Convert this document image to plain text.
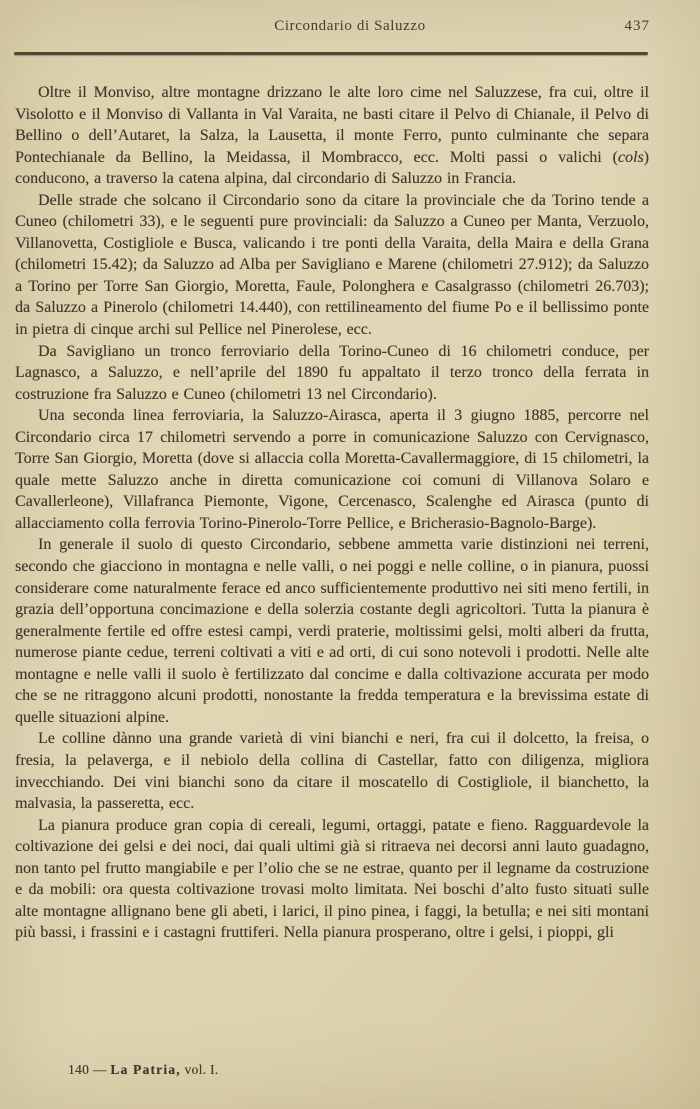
Circondario di Saluzzo	437

Oltre il Monviso, altre montagne drizzano le alte loro cime nel Saluzzese, fra cui, oltre il Visolotto e il Monviso di Vallanta in Val Varaita, ne basti citare il Pelvo di Chianale, il Pelvo di Bellino o dell’Autaret, la Salza, la Lausetta, il monte Ferro, punto culminante che separa Pontechianale da Bellino, la Meidassa, il Mombracco, ecc. Molti passi o valichi (cols) conducono, a traverso la catena alpina, dal circondario di Saluzzo in Francia.

Delle strade che solcano il Circondario sono da citare la provinciale che da Torino tende a Cuneo (chilometri 33), e le seguenti pure provinciali: da Saluzzo a Cuneo per Manta, Verzuolo, Villanovetta, Costigliole e Busca, valicando i tre ponti della Varaita, della Maira e della Grana (chilometri 15.42); da Saluzzo ad Alba per Savigliano e Marene (chilometri 27.912); da Saluzzo a Torino per Torre San Giorgio, Moretta, Faule, Polonghera e Casalgrasso (chilometri 26.703); da Saluzzo a Pinerolo (chilometri 14.440), con rettilineamento del fiume Po e il bellissimo ponte in pietra di cinque archi sul Pellice nel Pinerolese, ecc.

Da Savigliano un tronco ferroviario della Torino-Cuneo di 16 chilometri conduce, per Lagnasco, a Saluzzo, e nell’aprile del 1890 fu appaltato il terzo tronco della ferrata in costruzione fra Saluzzo e Cuneo (chilometri 13 nel Circondario).

Una seconda linea ferroviaria, la Saluzzo-Airasca, aperta il 3 giugno 1885, percorre nel Circondario circa 17 chilometri servendo a porre in comunicazione Saluzzo con Cervignasco, Torre San Giorgio, Moretta (dove si allaccia colla Moretta-Cavallermaggiore, di 15 chilometri, la quale mette Saluzzo anche in diretta comunicazione coi comuni di Villanova Solaro e Cavallerleone), Villafranca Piemonte, Vigone, Cercenasco, Scalenghe ed Airasca (punto di allacciamento colla ferrovia Torino-Pinerolo-Torre Pellice, e Bricherasio-Bagnolo-Barge).

In generale il suolo di questo Circondario, sebbene ammetta varie distinzioni nei terreni, secondo che giacciono in montagna e nelle valli, o nei poggi e nelle colline, o in pianura, puossi considerare come naturalmente ferace ed anco sufficientemente produttivo nei siti meno fertili, in grazia dell’opportuna concimazione e della solerzia costante degli agricoltori. Tutta la pianura è generalmente fertile ed offre estesi campi, verdi praterie, moltissimi gelsi, molti alberi da frutta, numerose piante cedue, terreni coltivati a viti e ad orti, di cui sono notevoli i prodotti. Nelle alte montagne e nelle valli il suolo è fertilizzato dal concime e dalla coltivazione accurata per modo che se ne ritraggono alcuni prodotti, nonostante la fredda temperatura e la brevissima estate di quelle situazioni alpine.

Le colline dànno una grande varietà di vini bianchi e neri, fra cui il dolcetto, la freisa, o fresia, la pelaverga, e il nebiolo della collina di Castellar, fatto con diligenza, migliora invecchiando. Dei vini bianchi sono da citare il moscatello di Costigliole, il bianchetto, la malvasia, la passeretta, ecc.

La pianura produce gran copia di cereali, legumi, ortaggi, patate e fieno. Ragguardevole la coltivazione dei gelsi e dei noci, dai quali ultimi già si ritraeva nei decorsi anni lauto guadagno, non tanto pel frutto mangiabile e per l’olio che se ne estrae, quanto per il legname da costruzione e da mobili: ora questa coltivazione trovasi molto limitata. Nei boschi d’alto fusto situati sulle alte montagne allignano bene gli abeti, i larici, il pino pinea, i faggi, la betulla; e nei siti montani più bassi, i frassini e i castagni fruttiferi. Nella pianura prosperano, oltre i gelsi, i pioppi, gli

140 — La Patria, vol. I.
